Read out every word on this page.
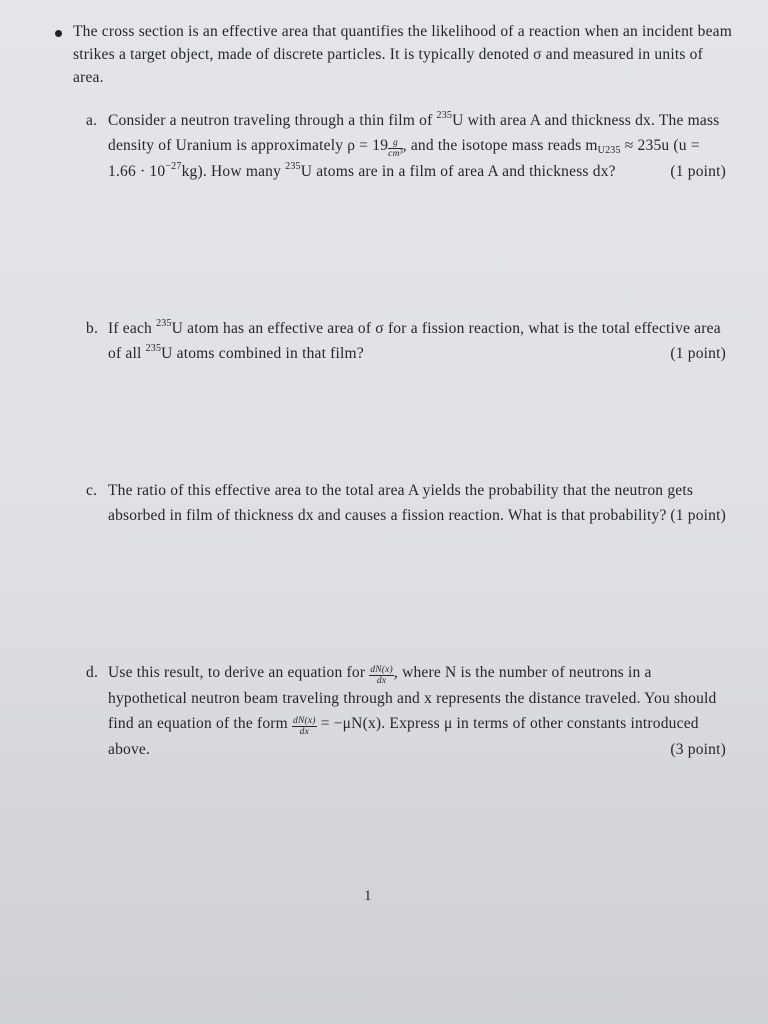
The cross section is an effective area that quantifies the likelihood of a reaction when an incident beam strikes a target object, made of discrete particles. It is typically denoted σ and measured in units of area.

a. Consider a neutron traveling through a thin film of $^{235}$U with area A and thickness dx. The mass density of Uranium is approximately $\rho = 19 \frac{g}{\text{cm³}}$ , and the isotope mass reads $m_{U235} \approx 235u$ $(u = 1.66 \cdot 10^{-27}kg)$. How many $^{235}$U atoms are in a film of area A and thickness dx?	(1 point)
b. If each $^{235}$U atom has an effective area of σ for a fission reaction, what is the total effective area of all $^{235}$U atoms combined in that film?	(1 point)
c. The ratio of this effective area to the total area A yields the probability that the neutron gets absorbed in film of thickness dx and causes a fission reaction. What is that probability? (1 point)
d. Use this result, to derive an equation for $\frac{dN(x)}{dx}$ , where N is the number of neutrons in a hypothetical neutron beam traveling through and x represents the distance traveled. You should find an equation of the form $\frac{dN(x)}{dx} = -\mu N(x)$. Express μ in terms of other constants introduced above.	(3 point)
1
